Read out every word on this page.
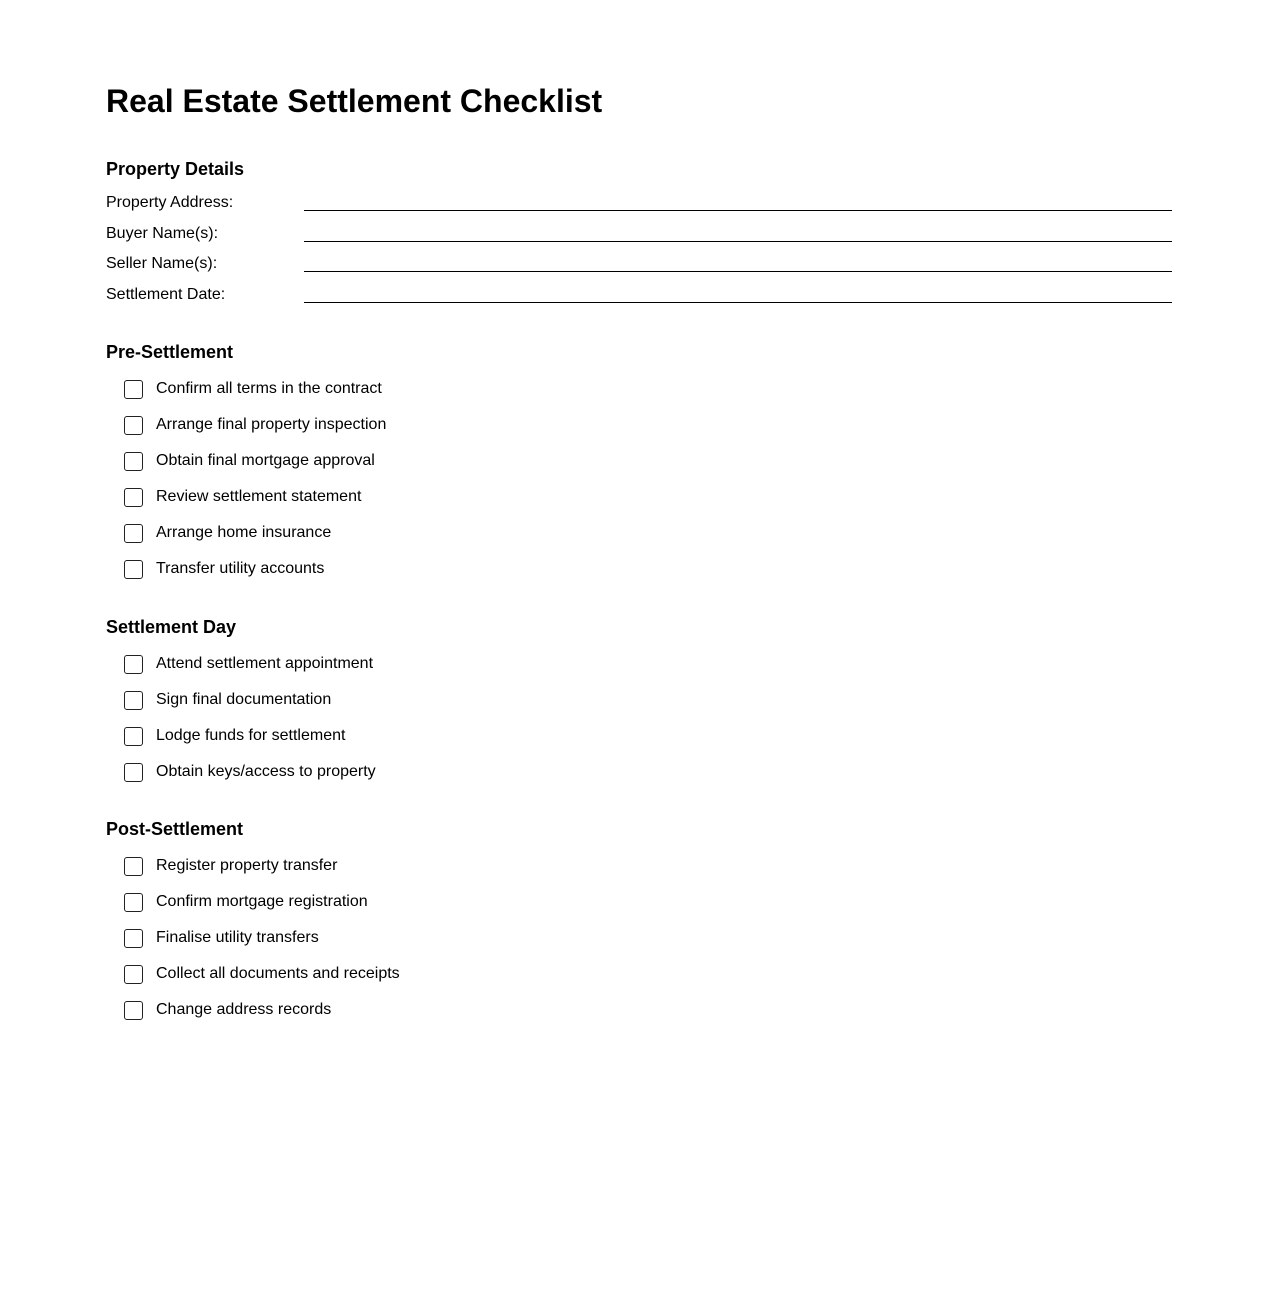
Real Estate Settlement Checklist
Property Details
Property Address:
Buyer Name(s):
Seller Name(s):
Settlement Date:
Pre-Settlement
Confirm all terms in the contract
Arrange final property inspection
Obtain final mortgage approval
Review settlement statement
Arrange home insurance
Transfer utility accounts
Settlement Day
Attend settlement appointment
Sign final documentation
Lodge funds for settlement
Obtain keys/access to property
Post-Settlement
Register property transfer
Confirm mortgage registration
Finalise utility transfers
Collect all documents and receipts
Change address records
